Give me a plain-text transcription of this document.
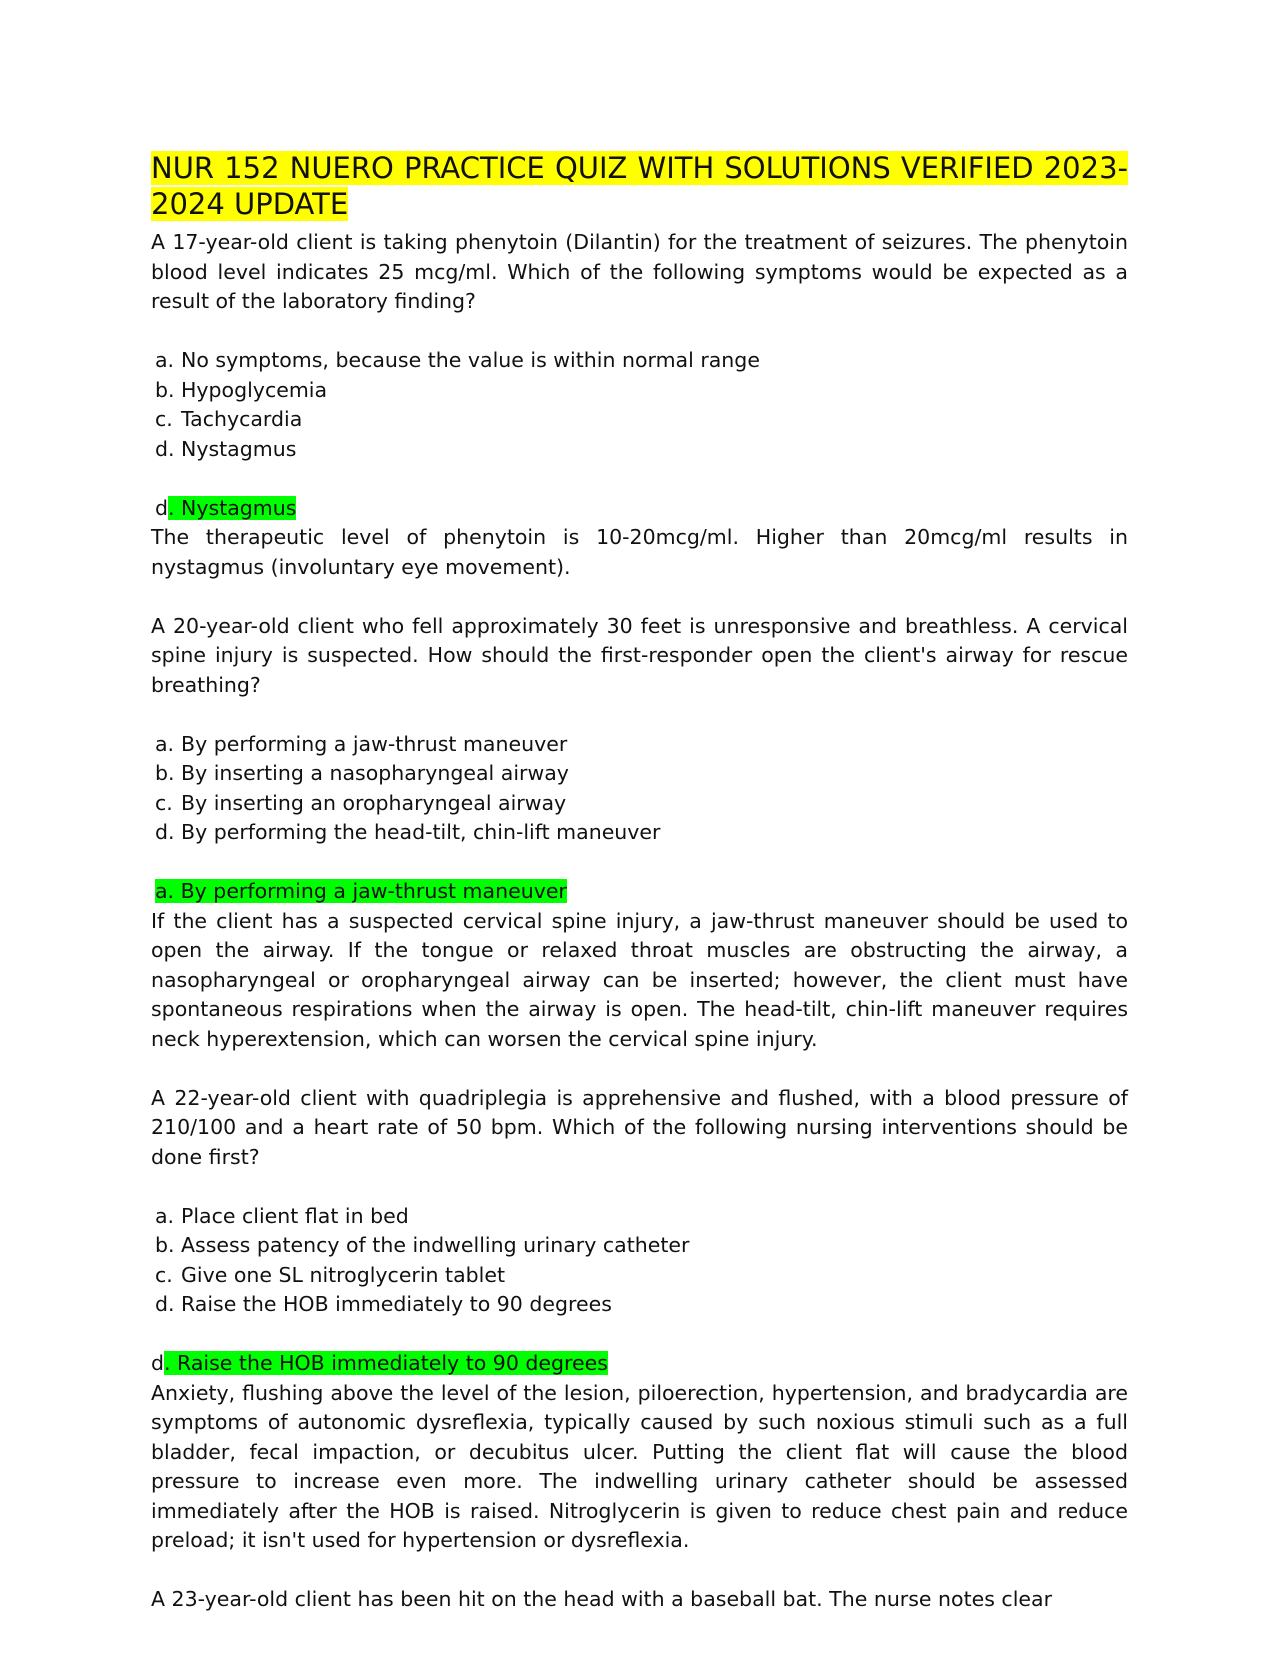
NUR 152 NUERO PRACTICE QUIZ WITH SOLUTIONS VERIFIED 2023-2024 UPDATE

A 17-year-old client is taking phenytoin (Dilantin) for the treatment of seizures. The phenytoin blood level indicates 25 mcg/ml. Which of the following symptoms would be expected as a result of the laboratory finding?

a. No symptoms, because the value is within normal range
b. Hypoglycemia
c. Tachycardia
d. Nystagmus
d. Nystagmus

The therapeutic level of phenytoin is 10-20mcg/ml. Higher than 20mcg/ml results in nystagmus (involuntary eye movement).

A 20-year-old client who fell approximately 30 feet is unresponsive and breathless. A cervical spine injury is suspected. How should the first-responder open the client's airway for rescue breathing?

a. By performing a jaw-thrust maneuver
b. By inserting a nasopharyngeal airway
c. By inserting an oropharyngeal airway
d. By performing the head-tilt, chin-lift maneuver
a. By performing a jaw-thrust maneuver

If the client has a suspected cervical spine injury, a jaw-thrust maneuver should be used to open the airway. If the tongue or relaxed throat muscles are obstructing the airway, a nasopharyngeal or oropharyngeal airway can be inserted; however, the client must have spontaneous respirations when the airway is open. The head-tilt, chin-lift maneuver requires neck hyperextension, which can worsen the cervical spine injury.

A 22-year-old client with quadriplegia is apprehensive and flushed, with a blood pressure of 210/100 and a heart rate of 50 bpm. Which of the following nursing interventions should be done first?

a. Place client flat in bed
b. Assess patency of the indwelling urinary catheter
c. Give one SL nitroglycerin tablet
d. Raise the HOB immediately to 90 degrees
d. Raise the HOB immediately to 90 degrees

Anxiety, flushing above the level of the lesion, piloerection, hypertension, and bradycardia are symptoms of autonomic dysreflexia, typically caused by such noxious stimuli such as a full bladder, fecal impaction, or decubitus ulcer. Putting the client flat will cause the blood pressure to increase even more. The indwelling urinary catheter should be assessed immediately after the HOB is raised. Nitroglycerin is given to reduce chest pain and reduce preload; it isn't used for hypertension or dysreflexia.

A 23-year-old client has been hit on the head with a baseball bat. The nurse notes clear
